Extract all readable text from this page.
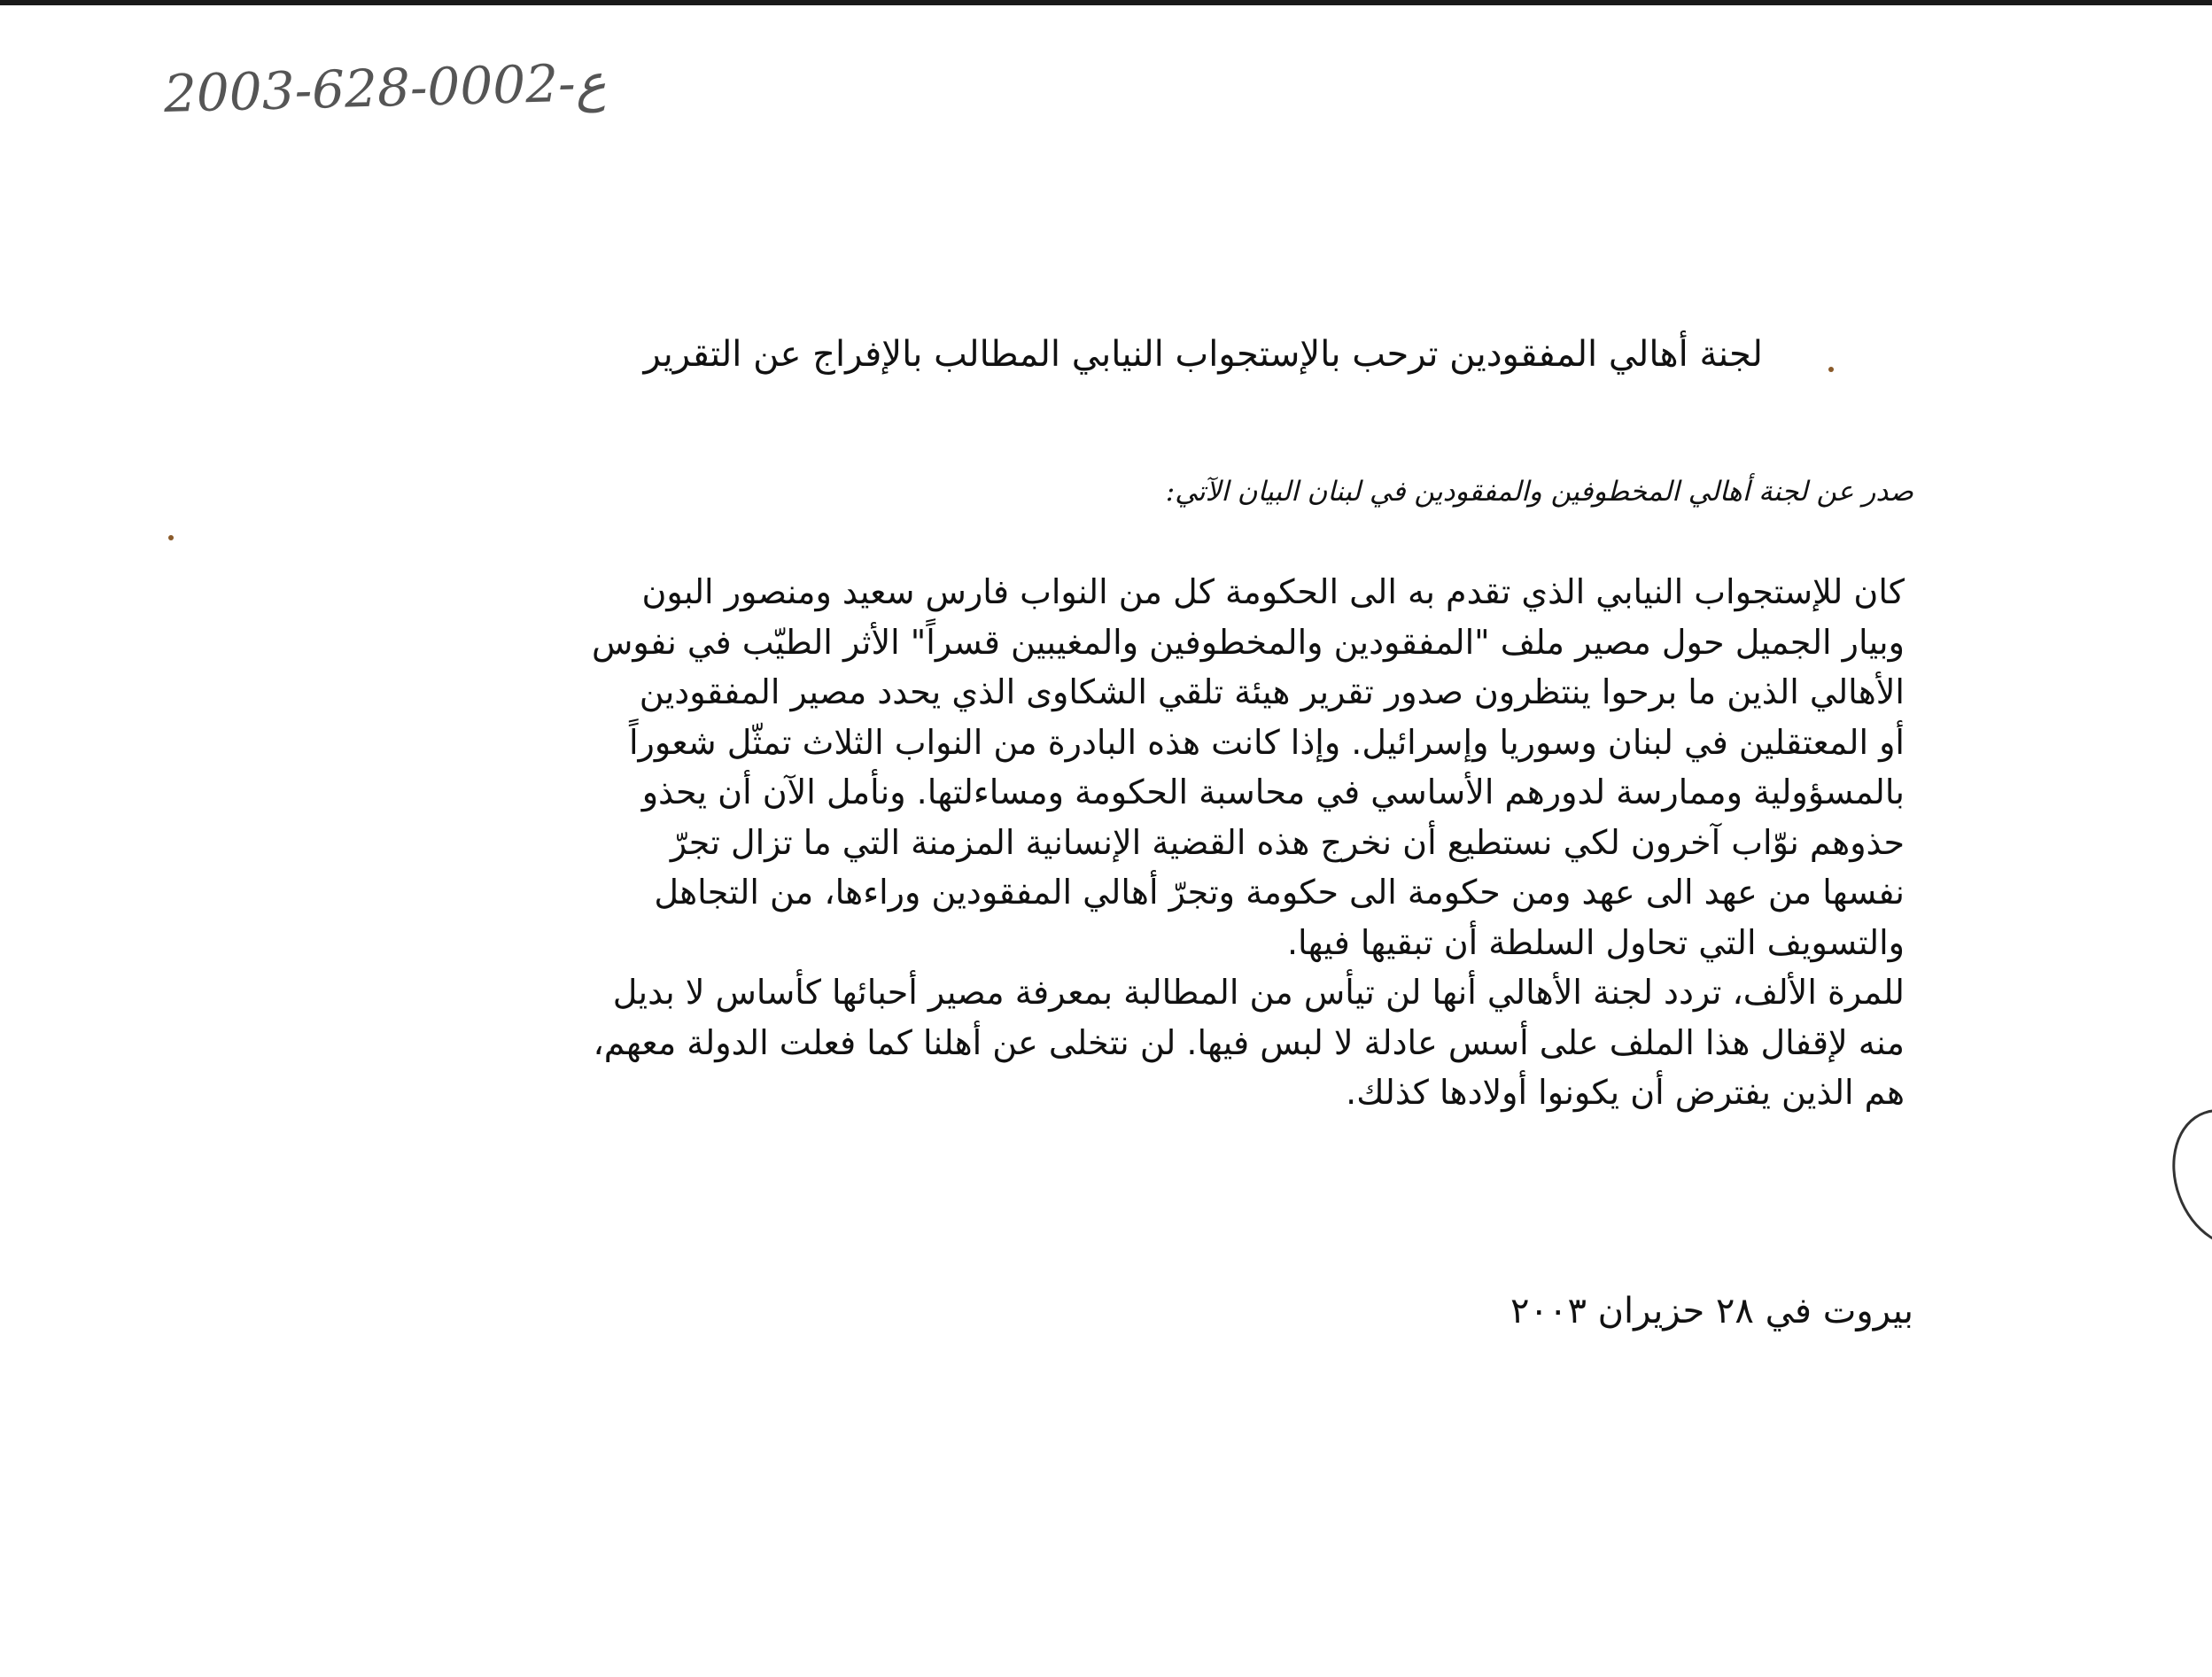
2003-628-0002-ع
لجنة أهالي المفقودين ترحب بالإستجواب النيابي المطالب بالإفراج عن التقرير
صدر عن لجنة أهالي المخطوفين والمفقودين في لبنان البيان الآتي:
كان للإستجواب النيابي الذي تقدم به الى الحكومة كل من النواب فارس سعيد ومنصور البون
وبيار الجميل حول مصير ملف "المفقودين والمخطوفين والمغيبين قسراً" الأثر الطيّب في نفوس
الأهالي الذين ما برحوا ينتظرون صدور تقرير هيئة تلقي الشكاوى الذي يحدد مصير المفقودين
أو المعتقلين في لبنان وسوريا وإسرائيل. وإذا كانت هذه البادرة من النواب الثلاث تمثّل شعوراً
بالمسؤولية وممارسة لدورهم الأساسي في محاسبة الحكومة ومساءلتها. ونأمل الآن أن يحذو
حذوهم نوّاب آخرون لكي نستطيع أن نخرج هذه القضية الإنسانية المزمنة التي ما تزال تجرّ
نفسها من عهد الى عهد ومن حكومة الى حكومة وتجرّ أهالي المفقودين وراءها، من التجاهل
والتسويف التي تحاول السلطة أن تبقيها فيها.
للمرة الألف، تردد لجنة الأهالي أنها لن تيأس من المطالبة بمعرفة مصير أحبائها كأساس لا بديل
منه لإقفال هذا الملف على أسس عادلة لا لبس فيها. لن نتخلى عن أهلنا كما فعلت الدولة معهم،
هم الذين يفترض أن يكونوا أولادها كذلك.
بيروت في ٢٨ حزيران ٢٠٠٣
